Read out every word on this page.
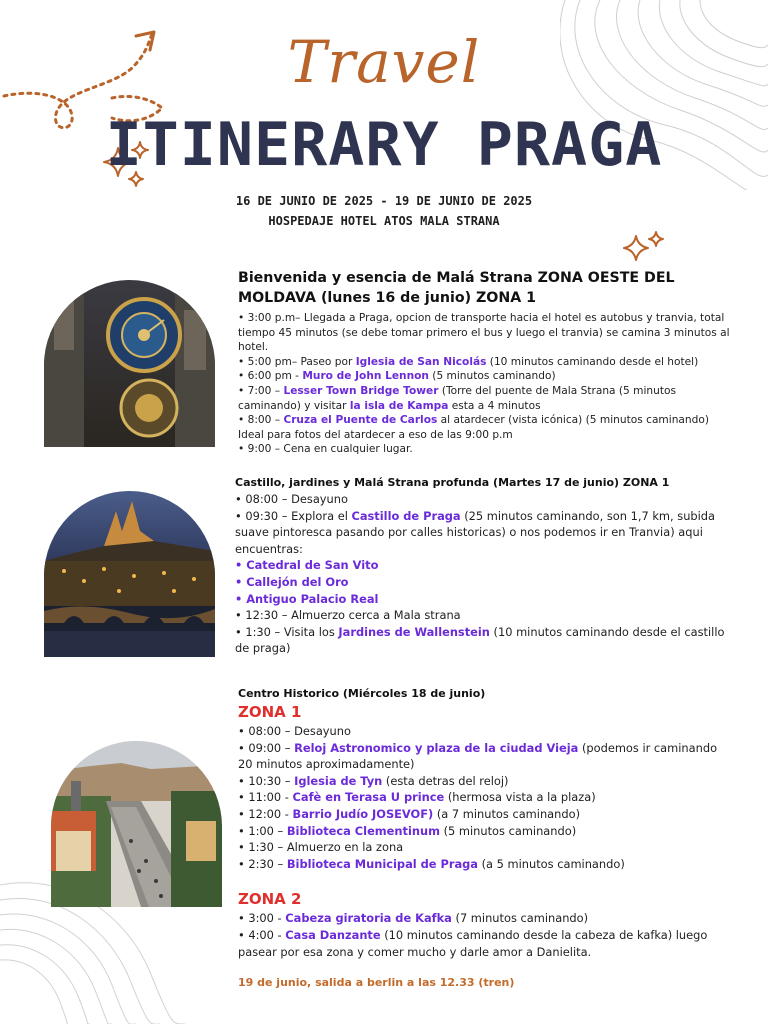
Travel
ITINERARY PRAGA
16 DE JUNIO DE 2025 - 19 DE JUNIO DE 2025
HOSPEDAJE HOTEL ATOS MALA STRANA

Bienvenida y esencia de Malá Strana ZONA OESTE DEL MOLDAVA (lunes 16 de junio) ZONA 1

• 3:00 p.m– Llegada a Praga, opcion de transporte hacia el hotel es autobus y tranvia, total tiempo 45 minutos (se debe tomar primero el bus y luego el tranvia) se camina 3 minutos al hotel.

• 5:00 pm– Paseo por Iglesia de San Nicolás (10 minutos caminando desde el hotel)

• 6:00 pm - Muro de John Lennon (5 minutos caminando)

• 7:00 – Lesser Town Bridge Tower (Torre del puente de Mala Strana (5 minutos caminando) y visitar la isla de Kampa esta a 4 minutos

• 8:00 – Cruza el Puente de Carlos al atardecer (vista icónica) (5 minutos caminando) Ideal para fotos del atardecer a eso de las 9:00 p.m

• 9:00 – Cena en cualquier lugar.

Castillo, jardines y Malá Strana profunda (Martes 17 de junio) ZONA 1

• 08:00 – Desayuno

• 09:30 – Explora el Castillo de Praga (25 minutos caminando, son 1,7 km, subida suave pintoresca pasando por calles historicas) o nos podemos ir en Tranvia) aqui encuentras:

• Catedral de San Vito

• Callejón del Oro

• Antiguo Palacio Real

• 12:30 – Almuerzo cerca a Mala strana

• 1:30 – Visita los Jardines de Wallenstein (10 minutos caminando desde el castillo de praga)

Centro Historico (Miércoles 18 de junio)

ZONA 1

• 08:00 – Desayuno

• 09:00 – Reloj Astronomico y plaza de la ciudad Vieja (podemos ir caminando 20 minutos aproximadamente)

• 10:30 – Iglesia de Tyn (esta detras del reloj)

• 11:00 - Cafè en Terasa U prince (hermosa vista a la plaza)

• 12:00 - Barrio Judío JOSEVOF) (a 7 minutos caminando)

• 1:00 – Biblioteca Clementinum (5 minutos caminando)

• 1:30 – Almuerzo en la zona

• 2:30 – Biblioteca Municipal de Praga (a 5 minutos caminando)

ZONA 2

• 3:00 - Cabeza giratoria de Kafka (7 minutos caminando)

• 4:00 - Casa Danzante (10 minutos caminando desde la cabeza de kafka) luego pasear por esa zona y comer mucho y darle amor a Danielita.

19 de junio, salida a berlin a las 12.33 (tren)
